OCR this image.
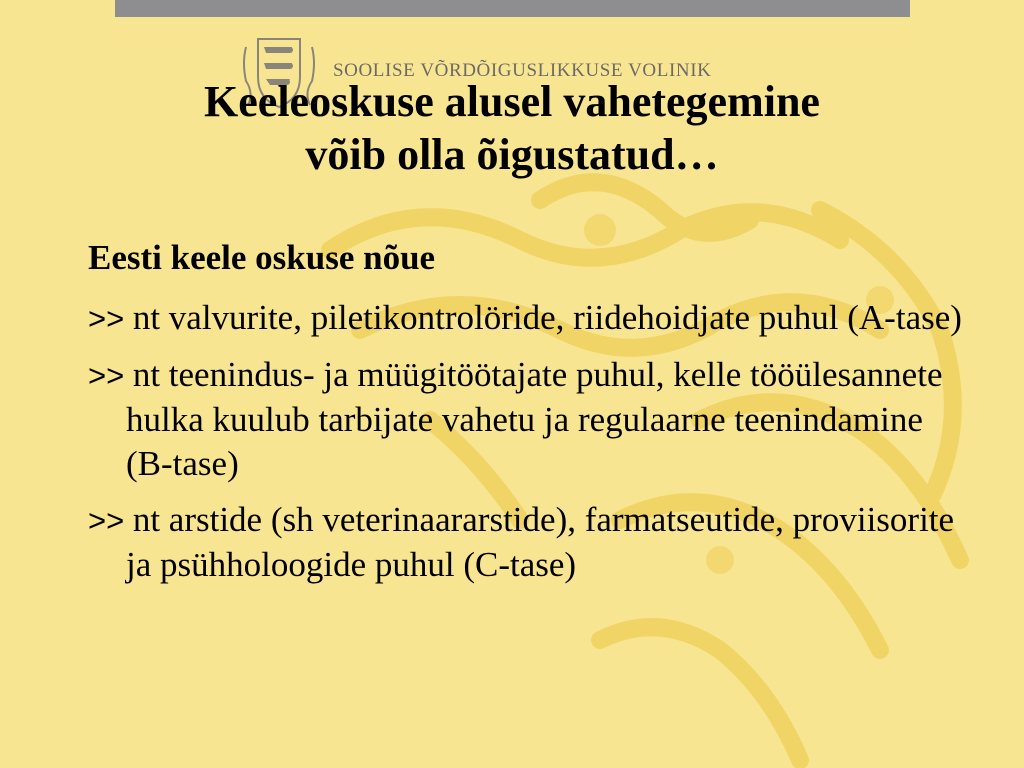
SOOLISE VÕRDÕIGUSLIKKUSE VOLINIK
Keeleoskuse alusel vahetegemine
võib olla õigustatud…
Eesti keele oskuse nõue
>> nt valvurite, piletikontrolöride, riidehoidjate puhul (A-tase)
>> nt teenindus- ja müügitöötajate puhul, kelle tööülesannete hulka kuulub tarbijate vahetu ja regulaarne teenindamine (B-tase)
>> nt arstide (sh veterinaararstide), farmatseutide, proviisorite ja psühholoogide puhul (C-tase)
